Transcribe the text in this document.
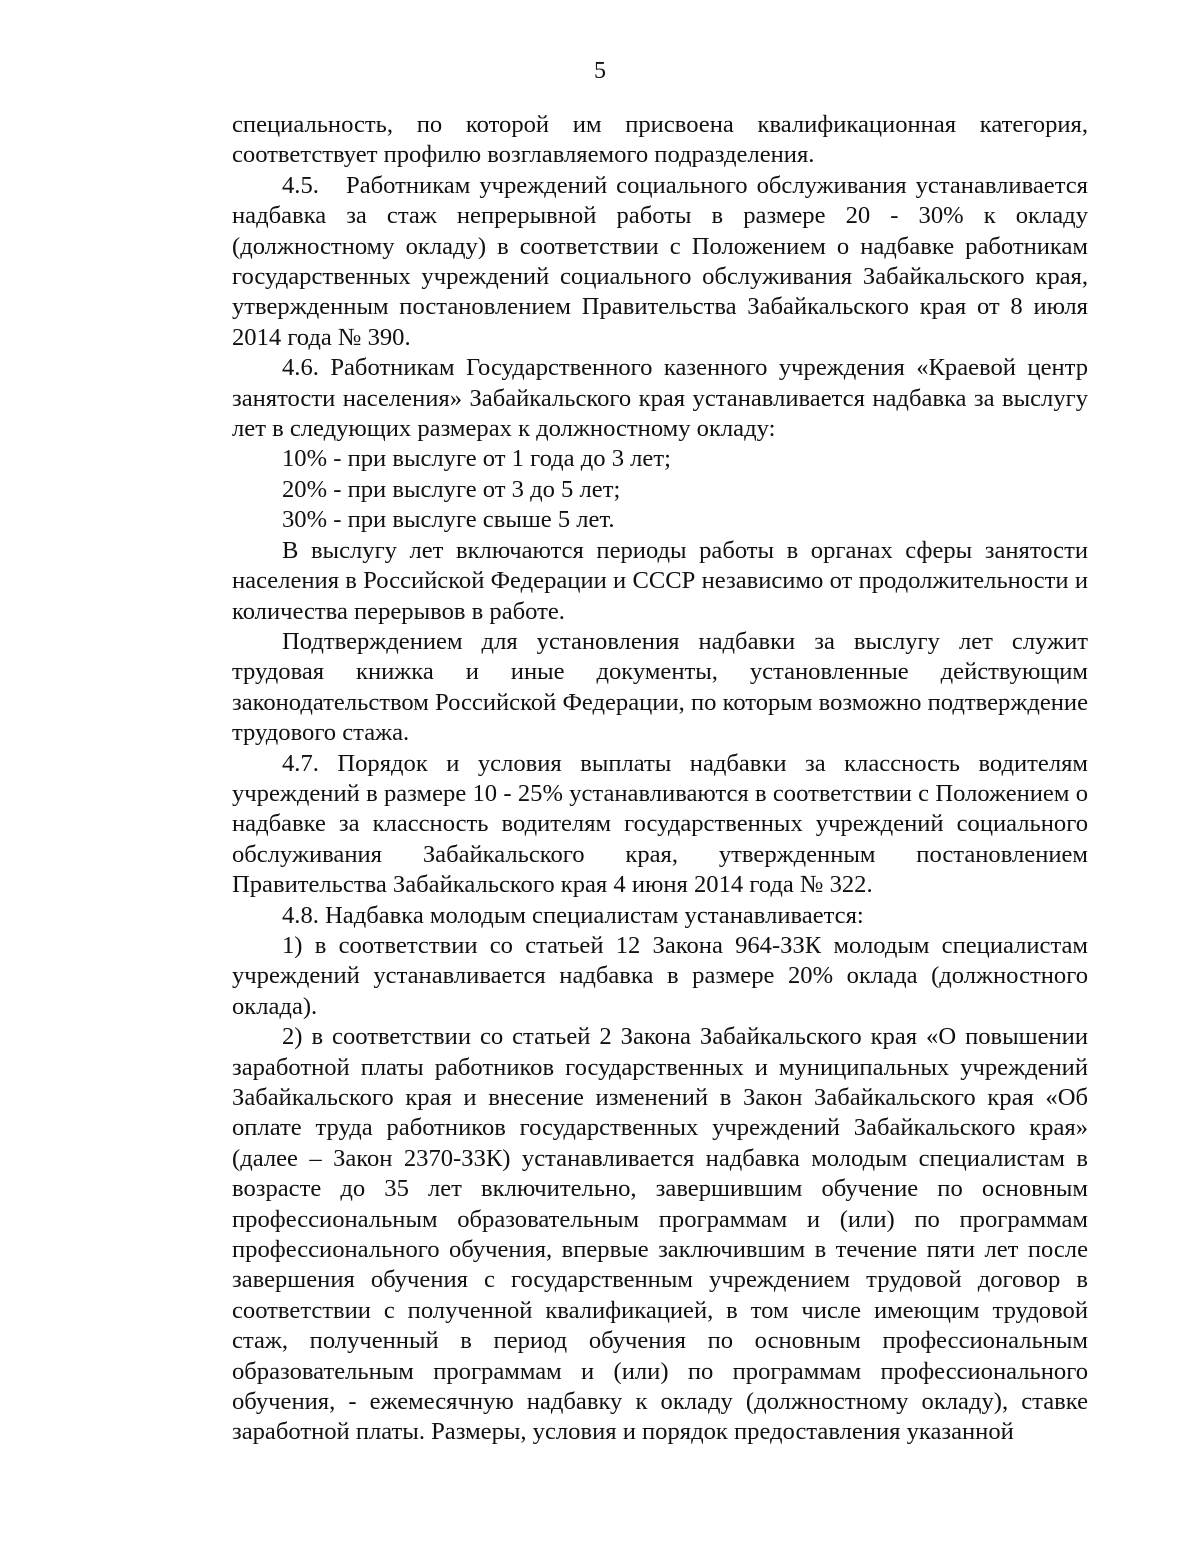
5

специальность, по которой им присвоена квалификационная категория, соответствует профилю возглавляемого подразделения.

4.5.   Работникам учреждений социального обслуживания устанавливается надбавка за стаж непрерывной работы в размере 20 - 30% к окладу (должностному окладу) в соответствии с Положением о надбавке работникам государственных учреждений социального обслуживания Забайкальского края, утвержденным постановлением Правительства Забайкальского края от 8 июля 2014 года № 390.

4.6. Работникам Государственного казенного учреждения «Краевой центр занятости населения» Забайкальского края устанавливается надбавка за выслугу лет в следующих размерах к должностному окладу:

10% - при выслуге от 1 года до 3 лет;

20% - при выслуге от 3 до 5 лет;

30% - при выслуге свыше 5 лет.

В выслугу лет включаются периоды работы в органах сферы занятости населения в Российской Федерации и СССР независимо от продолжительности и количества перерывов в работе.

Подтверждением для установления надбавки за выслугу лет служит трудовая книжка и иные документы, установленные действующим законодательством Российской Федерации, по которым возможно подтверждение трудового стажа.

4.7. Порядок и условия выплаты надбавки за классность водителям учреждений в размере 10 - 25% устанавливаются в соответствии с Положением о надбавке за классность водителям государственных учреждений социального обслуживания Забайкальского края, утвержденным постановлением Правительства Забайкальского края 4 июня 2014 года № 322.

4.8. Надбавка молодым специалистам устанавливается:

1) в соответствии со статьей 12 Закона 964-ЗЗК молодым специалистам учреждений устанавливается надбавка в размере 20% оклада (должностного оклада).

2) в соответствии со статьей 2 Закона Забайкальского края «О повышении заработной платы работников государственных и муниципальных учреждений Забайкальского края и внесение изменений в Закон Забайкальского края «Об оплате труда работников государственных учреждений Забайкальского края» (далее – Закон 2370-ЗЗК) устанавливается надбавка молодым специалистам в возрасте до 35 лет включительно, завершившим обучение по основным профессиональным образовательным программам и (или) по программам профессионального обучения, впервые заключившим в течение пяти лет после завершения обучения с государственным учреждением трудовой договор в соответствии с полученной квалификацией, в том числе имеющим трудовой стаж, полученный в период обучения по основным профессиональным образовательным программам и (или) по программам профессионального обучения, - ежемесячную надбавку к окладу (должностному окладу), ставке заработной платы. Размеры, условия и порядок предоставления указанной
